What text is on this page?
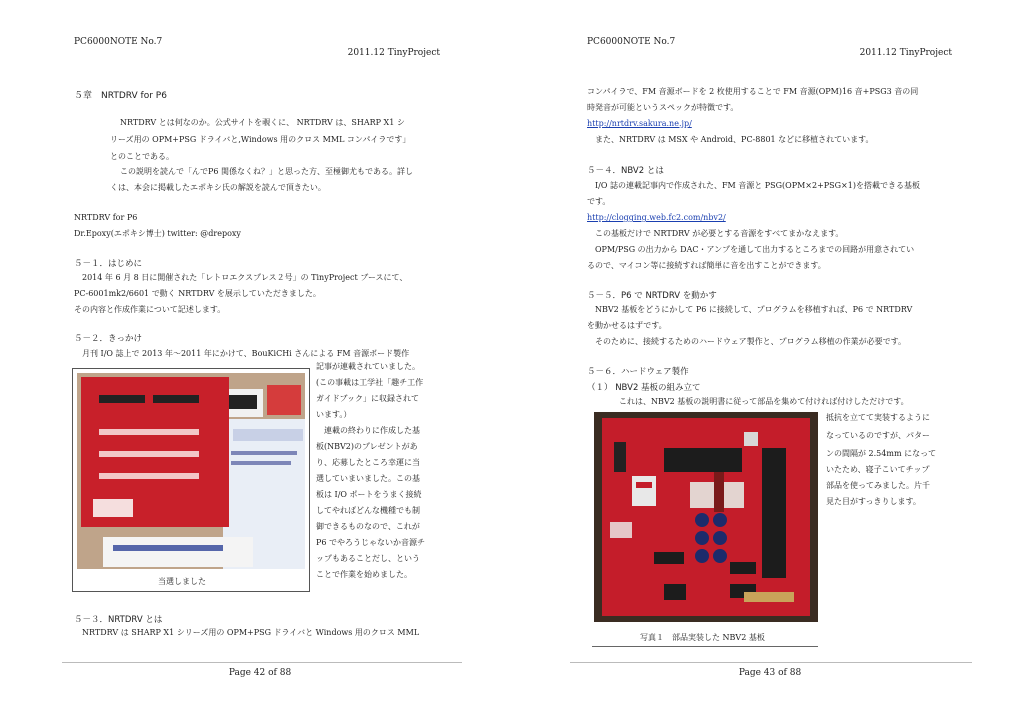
PC6000NOTE No.7
2011.12 TinyProject
５章　NRTDRV for P6
NRTDRV とは何なのか。公式サイトを覗くに、 NRTDRV は、SHARP X1 シ
リーズ用の OPM+PSG ドライバと,Windows 用のクロス MML コンパイラです」
とのことである。
この説明を読んで「んでP6 関係なくね？」と思った方、至極御尤もである。詳し
くは、本会に掲載したエポキシ氏の解説を読んで頂きたい。
NRTDRV for P6
Dr.Epoxy(エポキシ博士) twitter: @drepoxy
５－１．はじめに
2014 年 6 月 8 日に開催された「レトロエクスプレス２号」の TinyProject ブースにて、
PC-6001mk2/6601 で動く NRTDRV を展示していただきました。
その内容と作成作業について記述します。
５－２．きっかけ
月刊 I/O 誌上で 2013 年～2011 年にかけて、BouKiCHi さんによる FM 音源ボード製作
当選しました
記事が連載されていました。
(この事載は工学社「趣チ工作
ガイドブック」に収録されて
います。）
連載の終わりに作成した基
板(NBV2)のプレゼントがあ
り、応募したところ幸運に当
選していまいました。この基
板は I/O ポートをうまく接続
してやればどんな機種でも制
御できるものなので、これが
P6 でやろうじゃないか音源チ
ップもあることだし、という
ことで作業を始めました。
５－３．NRTDRV とは
NRTDRV は SHARP X1 シリーズ用の OPM+PSG ドライバと Windows 用のクロス MML
Page 42 of 88
PC6000NOTE No.7
2011.12 TinyProject
コンパイラで、FM 音源ボードを 2 枚使用することで FM 音源(OPM)16 音+PSG3 音の同
時発音が可能というスペックが特徴です。
http://nrtdrv.sakura.ne.jp/
また、NRTDRV は MSX や Android、PC-8801 などに移植されています。
５－４．NBV2 とは
I/O 誌の連載記事内で作成された、FM 音源と PSG(OPM×2+PSG×1)を搭載できる基板
です。
http://clogging.web.fc2.com/nbv2/
この基板だけで NRTDRV が必要とする音源をすべてまかなえます。
OPM/PSG の出力から DAC・アンプを通して出力するところまでの回路が用意されてい
るので、マイコン等に接続すれば簡単に音を出すことができます。
５－５．P6 で NRTDRV を動かす
NBV2 基板をどうにかして P6 に接続して、プログラムを移植すれば、P6 で NRTDRV
を動かせるはずです。
そのために、接続するためのハードウェア製作と、プログラム移植の作業が必要です。
５－６．ハードウェア製作
（１） NBV2 基板の組み立て
これは、NBV2 基板の説明書に従って部品を集めて付ければ付けしただけです。
写真１　部品実装した NBV2 基板
抵抗を立てて実装するように
なっているのですが、パター
ンの間隔が 2.54mm になって
いたため、寝子こいてチップ
部品を使ってみました。片千
見た目がすっきりします。
Page 43 of 88
